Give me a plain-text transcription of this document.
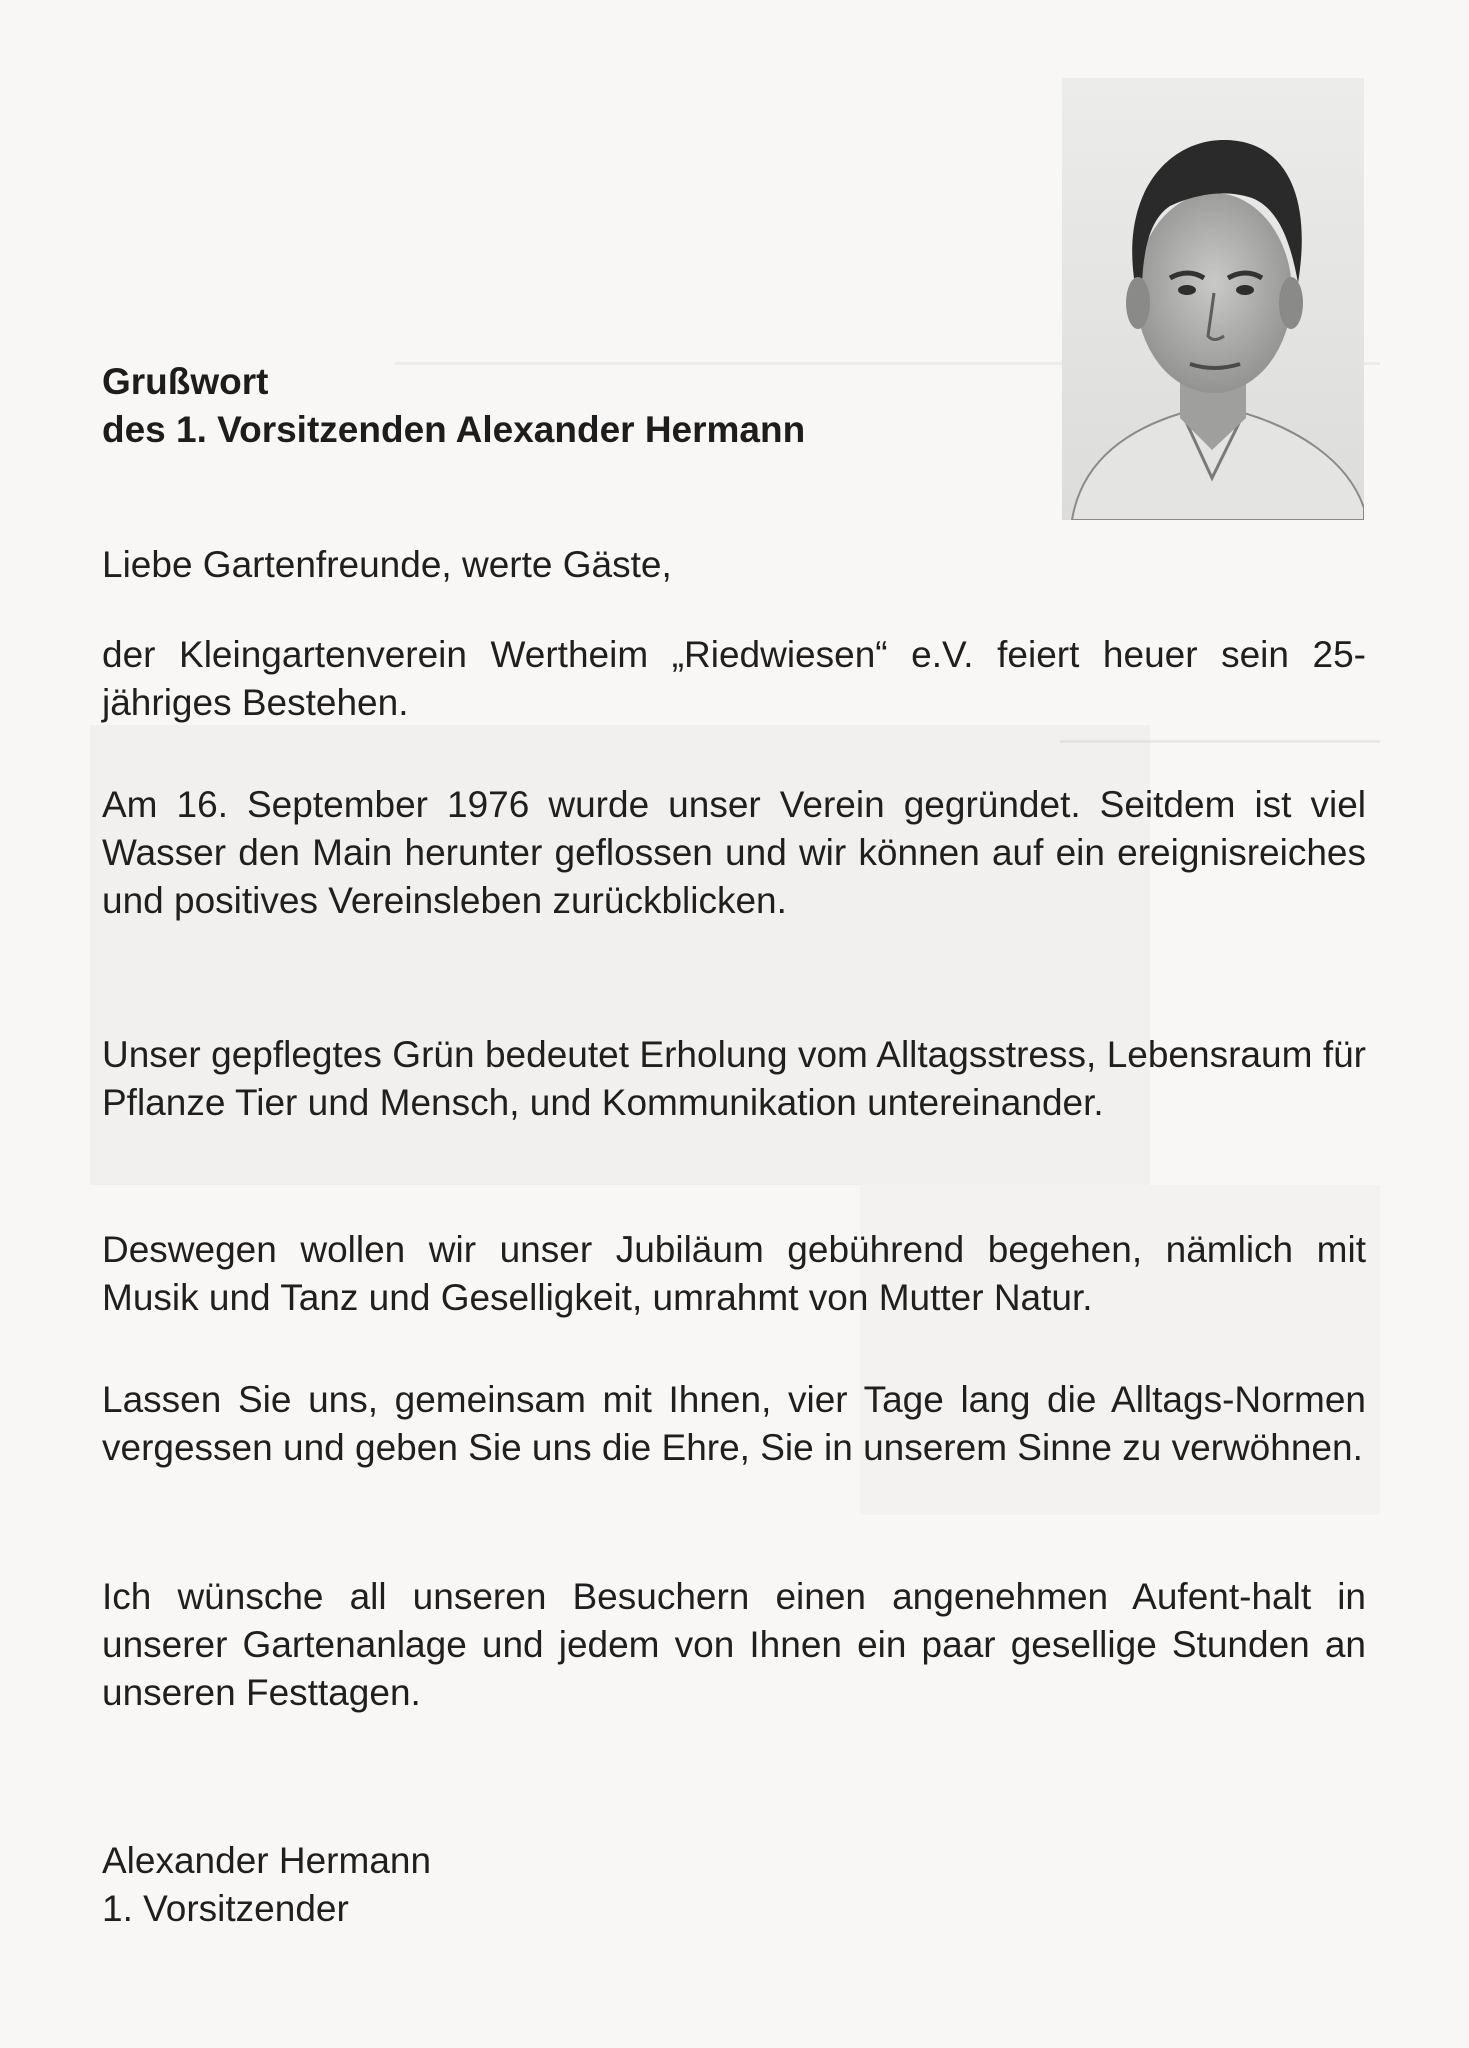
Grußwort
des 1. Vorsitzenden Alexander Hermann
Liebe Gartenfreunde, werte Gäste,
der Kleingartenverein Wertheim „Riedwiesen“ e.V. feiert heuer sein 25-jähriges Bestehen.
Am 16. September 1976 wurde unser Verein gegründet. Seitdem ist viel Wasser den Main herunter geflossen und wir können auf ein ereignisreiches und positives Vereinsleben zurückblicken.
Unser gepflegtes Grün bedeutet Erholung vom Alltagsstress, Lebensraum für Pflanze Tier und Mensch, und Kommunikation untereinander.
Deswegen wollen wir unser Jubiläum gebührend begehen, nämlich mit Musik und Tanz und Geselligkeit, umrahmt von Mutter Natur.
Lassen Sie uns, gemeinsam mit Ihnen, vier Tage lang die Alltags-Normen vergessen und geben Sie uns die Ehre, Sie in unserem Sinne zu verwöhnen.
Ich wünsche all unseren Besuchern einen angenehmen Aufent-halt in unserer Gartenanlage und jedem von Ihnen ein paar gesellige Stunden an unseren Festtagen.
Alexander Hermann
1. Vorsitzender
